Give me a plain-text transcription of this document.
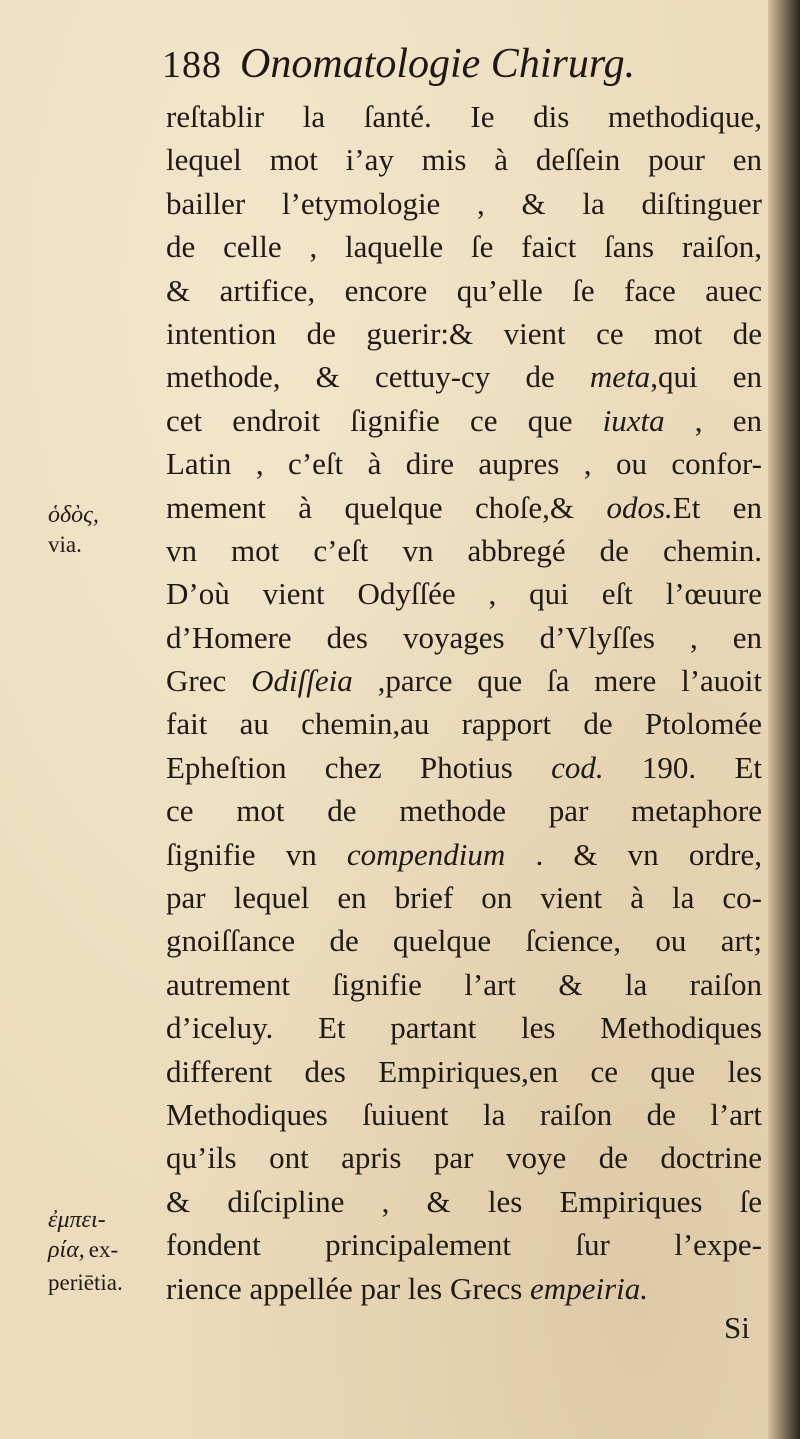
188 Onomatologie Chirurg.
reſtablir la ſanté. Ie dis methodique,
lequel mot i’ay mis à deſſein pour en
bailler l’etymologie , & la diſtinguer
de celle , laquelle ſe faict ſans raiſon,
& artifice, encore qu’elle ſe face auec
intention de guerir:& vient ce mot de
methode, & cettuy-cy de meta,qui en
cet endroit ſignifie ce que iuxta , en
Latin , c’eſt à dire aupres , ou confor-
mement à quelque choſe,& odos.Et en
vn mot c’eſt vn abbregé de chemin.
D’où vient Odyſſée , qui eſt l’œuure
d’Homere des voyages d’Vlyſſes , en
Grec Odiſſeia ,parce que ſa mere l’auoit
fait au chemin,au rapport de Ptolomée
Epheſtion chez Photius cod. 190. Et
ce mot de methode par metaphore
ſignifie vn compendium . & vn ordre,
par lequel en brief on vient à la co-
gnoiſſance de quelque ſcience, ou art;
autrement ſignifie l’art & la raiſon
d’iceluy. Et partant les Methodiques
different des Empiriques,en ce que les
Methodiques ſuiuent la raiſon de l’art
qu’ils ont apris par voye de doctrine
& diſcipline , & les Empiriques ſe
fondent principalement ſur l’expe-
rience appellée par les Grecs empeiria.
Si
ὁδὸς,
via.
ἐμπει-
ρία, ex-
periētia.
